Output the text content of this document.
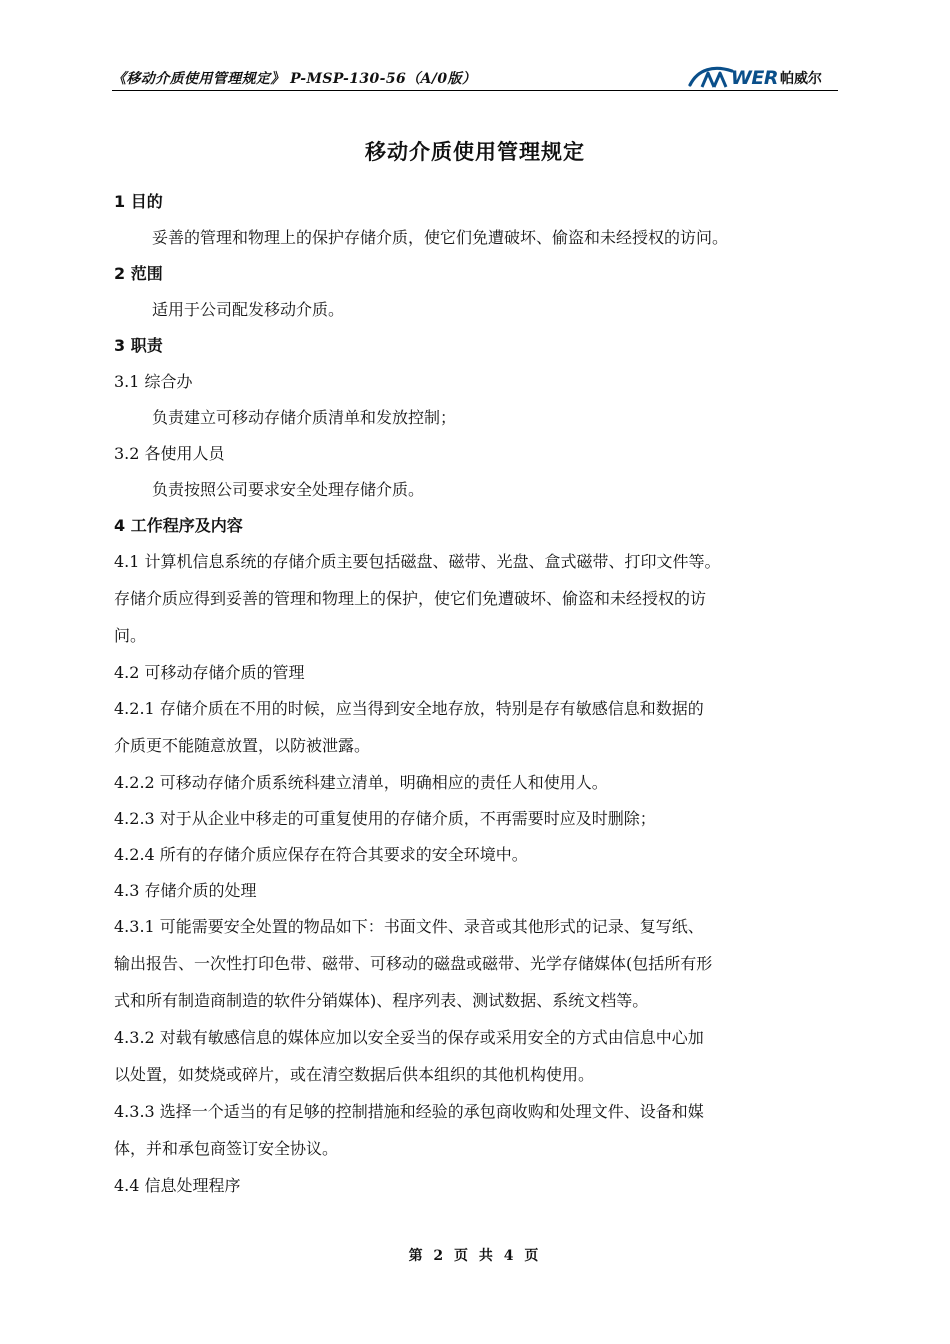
《移动介质使用管理规定》 P-MSP-130-56（A/0版）	WER 帕威尔
移动介质使用管理规定
1 目的
妥善的管理和物理上的保护存储介质，使它们免遭破坏、偷盗和未经授权的访问。
2 范围
适用于公司配发移动介质。
3 职责
3.1 综合办
负责建立可移动存储介质清单和发放控制；
3.2 各使用人员
负责按照公司要求安全处理存储介质。
4 工作程序及内容
4.1 计算机信息系统的存储介质主要包括磁盘、磁带、光盘、盒式磁带、打印文件等。
存储介质应得到妥善的管理和物理上的保护，使它们免遭破坏、偷盗和未经授权的访
问。
4.2 可移动存储介质的管理
4.2.1 存储介质在不用的时候，应当得到安全地存放，特别是存有敏感信息和数据的
介质更不能随意放置，以防被泄露。
4.2.2 可移动存储介质系统科建立清单，明确相应的责任人和使用人。
4.2.3 对于从企业中移走的可重复使用的存储介质，不再需要时应及时删除；
4.2.4 所有的存储介质应保存在符合其要求的安全环境中。
4.3 存储介质的处理
4.3.1 可能需要安全处置的物品如下：书面文件、录音或其他形式的记录、复写纸、
输出报告、一次性打印色带、磁带、可移动的磁盘或磁带、光学存储媒体(包括所有形
式和所有制造商制造的软件分销媒体)、程序列表、测试数据、系统文档等。
4.3.2 对载有敏感信息的媒体应加以安全妥当的保存或采用安全的方式由信息中心加
以处置，如焚烧或碎片，或在清空数据后供本组织的其他机构使用。
4.3.3 选择一个适当的有足够的控制措施和经验的承包商收购和处理文件、设备和媒
体，并和承包商签订安全协议。
4.4 信息处理程序
第 2 页 共 4 页
